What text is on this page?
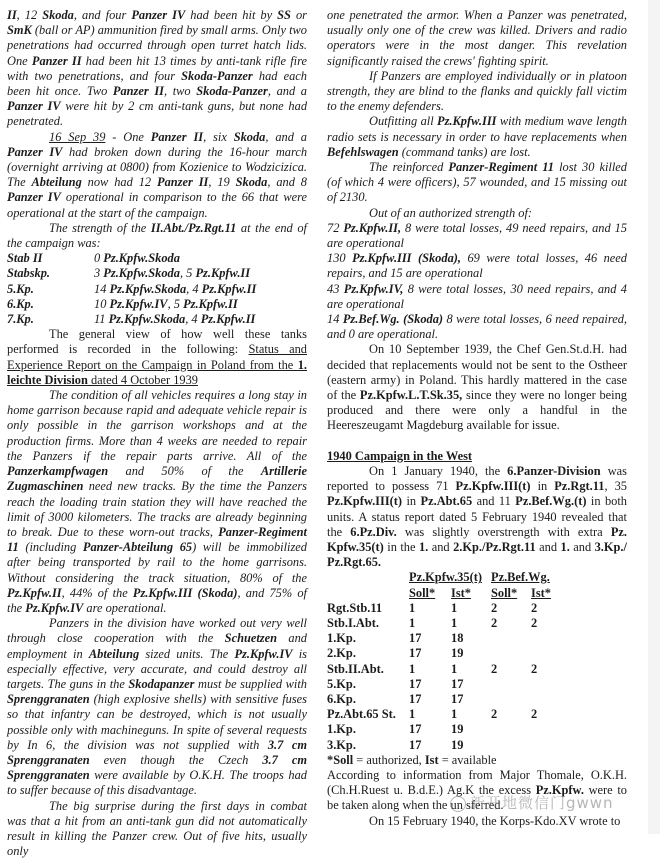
II, 12 Skoda, and four Panzer IV had been hit by SS or SmK (ball or AP) ammunition fired by small arms. Only two penetrations had occurred through open turret hatch lids. One Panzer II had been hit 13 times by anti-tank rifle fire with two penetrations, and four Skoda-Panzer had each been hit once. Two Panzer II, two Skoda-Panzer, and a Panzer IV were hit by 2 cm anti-tank guns, but none had penetrated.

16 Sep 39 - One Panzer II, six Skoda, and a Panzer IV had broken down during the 16-hour march (overnight arriving at 0800) from Kozienice to Wodzicizica. The Abteilung now had 12 Panzer II, 19 Skoda, and 8 Panzer IV operational in comparison to the 66 that were operational at the start of the campaign.

The strength of the II.Abt./Pz.Rgt.11 at the end of the campaign was:

Stab II	0 Pz.Kpfw.Skoda
Stabskp.	3 Pz.Kpfw.Skoda, 5 Pz.Kpfw.II
5.Kp.	14 Pz.Kpfw.Skoda, 4 Pz.Kpfw.II
6.Kp.	10 Pz.Kpfw.IV, 5 Pz.Kpfw.II
7.Kp.	11 Pz.Kpfw.Skoda, 4 Pz.Kpfw.II

The general view of how well these tanks performed is recorded in the following: Status and Experience Report on the Campaign in Poland from the 1. leichte Division dated 4 October 1939

The condition of all vehicles requires a long stay in home garrison because rapid and adequate vehicle repair is only possible in the garrison workshops and at the production firms. More than 4 weeks are needed to repair the Panzers if the repair parts arrive. All of the Panzerkampfwagen and 50% of the Artillerie Zugmaschinen need new tracks. By the time the Panzers reach the loading train station they will have reached the limit of 3000 kilometers. The tracks are already beginning to break. Due to these worn-out tracks, Panzer-Regiment 11 (including Panzer-Abteilung 65) will be immobilized after being transported by rail to the home garrisons. Without considering the track situation, 80% of the Pz.Kpfw.II, 44% of the Pz.Kpfw.III (Skoda), and 75% of the Pz.Kpfw.IV are operational.

Panzers in the division have worked out very well through close cooperation with the Schuetzen and employment in Abteilung sized units. The Pz.Kpfw.IV is especially effective, very accurate, and could destroy all targets. The guns in the Skodapanzer must be supplied with Sprenggranaten (high explosive shells) with sensitive fuses so that infantry can be destroyed, which is not usually possible only with machineguns. In spite of several requests by In 6, the division was not supplied with 3.7 cm Sprenggranaten even though the Czech 3.7 cm Sprenggranaten were available by O.K.H. The troops had to suffer because of this disadvantage.

The big surprise during the first days in combat was that a hit from an anti-tank gun did not automatically result in killing the Panzer crew. Out of five hits, usually only

one penetrated the armor. When a Panzer was penetrated, usually only one of the crew was killed. Drivers and radio operators were in the most danger. This revelation significantly raised the crews' fighting spirit.

If Panzers are employed individually or in platoon strength, they are blind to the flanks and quickly fall victim to the enemy defenders.

Outfitting all Pz.Kpfw.III with medium wave length radio sets is necessary in order to have replacements when Befehlswagen (command tanks) are lost.

The reinforced Panzer-Regiment 11 lost 30 killed (of which 4 were officers), 57 wounded, and 15 missing out of 2130.

Out of an authorized strength of:

72 Pz.Kpfw.II, 8 were total losses, 49 need repairs, and 15 are operational

130 Pz.Kpfw.III (Skoda), 69 were total losses, 46 need repairs, and 15 are operational

43 Pz.Kpfw.IV, 8 were total losses, 30 need repairs, and 4 are operational

14 Pz.Bef.Wg. (Skoda) 8 were total losses, 6 need repaired, and 0 are operational.

On 10 September 1939, the Chef Gen.St.d.H. had decided that replacements would not be sent to the Ostheer (eastern army) in Poland. This hardly mattered in the case of the Pz.Kpfw.L.T.Sk.35, since they were no longer being produced and there were only a handful in the Heereszeugamt Magdeburg available for issue.

1940 Campaign in the West

On 1 January 1940, the 6.Panzer-Division was reported to possess 71 Pz.Kpfw.III(t) in Pz.Rgt.11, 35 Pz.Kpfw.III(t) in Pz.Abt.65 and 11 Pz.Bef.Wg.(t) in both units. A status report dated 5 February 1940 revealed that the 6.Pz.Div. was slightly overstrength with extra Pz. Kpfw.35(t) in the 1. and 2.Kp./Pz.Rgt.11 and 1. and 3.Kp./ Pz.Rgt.65.

	Pz.Kpfw.35(t)		Pz.Bef.Wg.	
	Soll*	Ist*	Soll*	Ist*
Rgt.Stb.11	1	1	2	2
Stb.I.Abt.	1	1	2	2
1.Kp.	17	18		
2.Kp.	17	19		
Stb.II.Abt.	1	1	2	2
5.Kp.	17	17		
6.Kp.	17	17		
Pz.Abt.65 St.	1	1	2	2
1.Kp.	17	19		
3.Kp.	17	19		

*Soll = authorized, Ist = available

According to information from Major Thomale, O.K.H. (Ch.H.Ruest u. B.d.E.) Ag.K the excess Pz.Kpfw. were to be taken along when the un sferred.

On 15 February 1940, the Korps-Kdo.XV wrote to

新开地微信门gwwn
